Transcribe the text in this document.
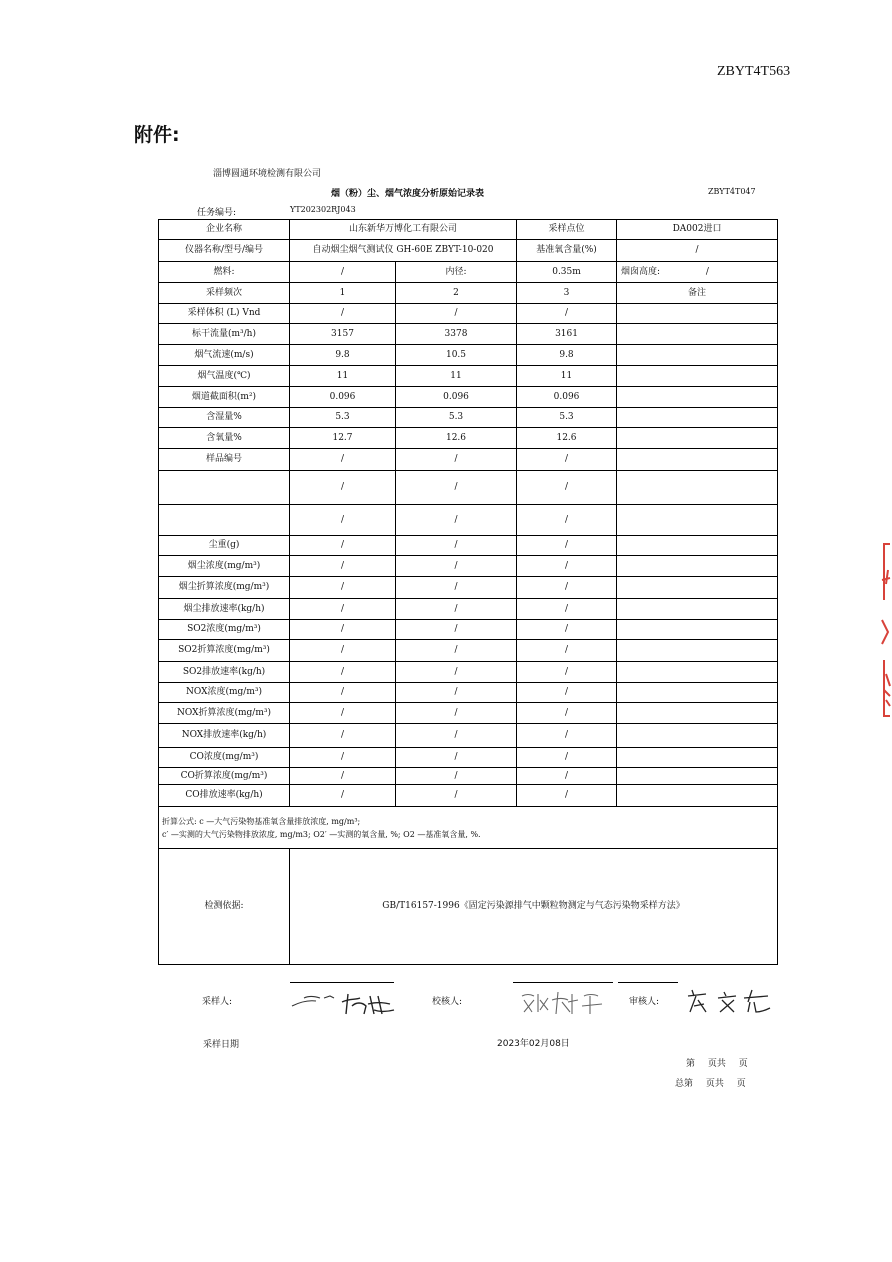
ZBYT4T563
附件:
淄博圆通环境检测有限公司
烟（粉）尘、烟气浓度分析原始记录表	ZBYT4T047
任务编号:	YT202302RJ043
企业名称	山东新华万博化工有限公司		采样点位	DA002进口
仪器名称/型号/编号	自动烟尘烟气测试仪 GH-60E ZBYT-10-020		基准氧含量(%)	/
燃料:	/	内径:	0.35m	烟囱高度: /
采样频次	1	2	3	备注
采样体积 (L) Vnd	/	/	/	
标干流量(m³/h)	3157	3378	3161	
烟气流速(m/s)	9.8	10.5	9.8	
烟气温度(℃)	11	11	11	
烟道截面积(m²)	0.096	0.096	0.096	
含湿量%	5.3	5.3	5.3	
含氧量%	12.7	12.6	12.6	
样品编号	/	/	/	
	/	/	/	
	/	/	/	
尘重(g)	/	/	/	
烟尘浓度(mg/m³)	/	/	/	
烟尘折算浓度(mg/m³)	/	/	/	
烟尘排放速率(kg/h)	/	/	/	
SO2浓度(mg/m³)	/	/	/	
SO2折算浓度(mg/m³)	/	/	/	
SO2排放速率(kg/h)	/	/	/	
NOX浓度(mg/m³)	/	/	/	
NOX折算浓度(mg/m³)	/	/	/	
NOX排放速率(kg/h)	/	/	/	
CO浓度(mg/m³)	/	/	/	
CO折算浓度(mg/m³)	/	/	/	
CO排放速率(kg/h)	/	/	/	

折算公式: c —大气污染物基准氧含量排放浓度, mg/m³;
c′ —实测的大气污染物排放浓度, mg/m3; O2′ —实测的氧含量, %; O2 —基准氧含量, %.				

检测依据:	GB/T16157-1996《固定污染源排气中颗粒物测定与气态污染物采样方法》			
采样人:	校核人:	审核人:
采样日期	2023年02月08日
第 页共 页
总第 页共 页
